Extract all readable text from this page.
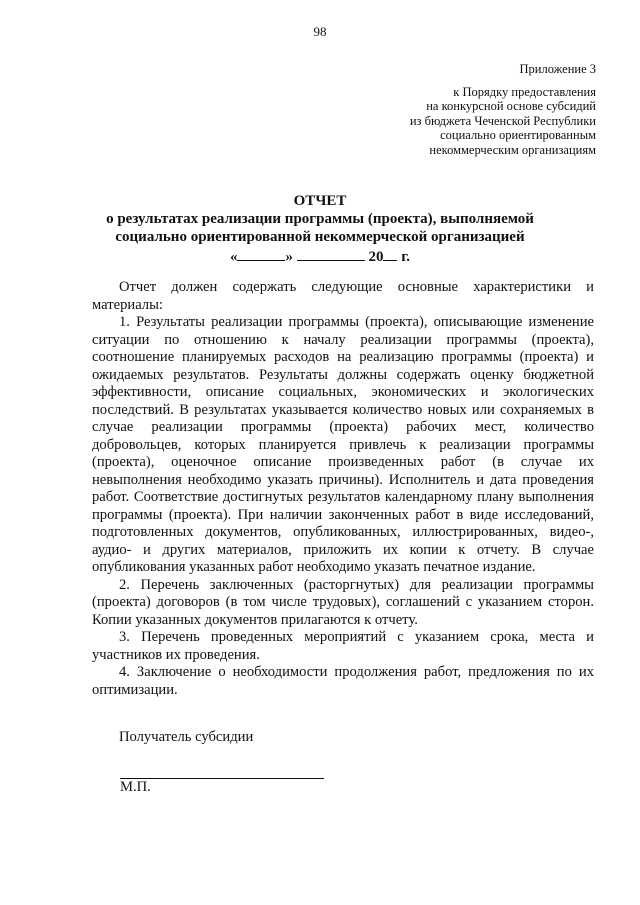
98
Приложение 3
к Порядку предоставления
на конкурсной основе субсидий
из бюджета Чеченской Республики
социально ориентированным
некоммерческим организациям
ОТЧЕТ
о результатах реализации программы (проекта), выполняемой
социально ориентированной некоммерческой организацией
«	»	20 г.

Отчет должен содержать следующие основные характеристики и материалы:

1. Результаты реализации программы (проекта), описывающие изменение ситуации по отношению к началу реализации программы (проекта), соотношение планируемых расходов на реализацию программы (проекта) и ожидаемых результатов. Результаты должны содержать оценку бюджетной эффективности, описание социальных, экономических и экологических последствий. В результатах указывается количество новых или сохраняемых в случае реализации программы (проекта) рабочих мест, количество добровольцев, которых планируется привлечь к реализации программы (проекта), оценочное описание произведенных работ (в случае их невыполнения необходимо указать причины). Исполнитель и дата проведения работ. Соответствие достигнутых результатов календарному плану выполнения программы (проекта). При наличии законченных работ в виде исследований, подготовленных документов, опубликованных, иллюстрированных, видео-, аудио- и других материалов, приложить их копии к отчету. В случае опубликования указанных работ необходимо указать печатное издание.

2. Перечень заключенных (расторгнутых) для реализации программы (проекта) договоров (в том числе трудовых), соглашений с указанием сторон. Копии указанных документов прилагаются к отчету.

3. Перечень проведенных мероприятий с указанием срока, места и участников их проведения.

4. Заключение о необходимости продолжения работ, предложения по их оптимизации.

Получатель субсидии
М.П.
